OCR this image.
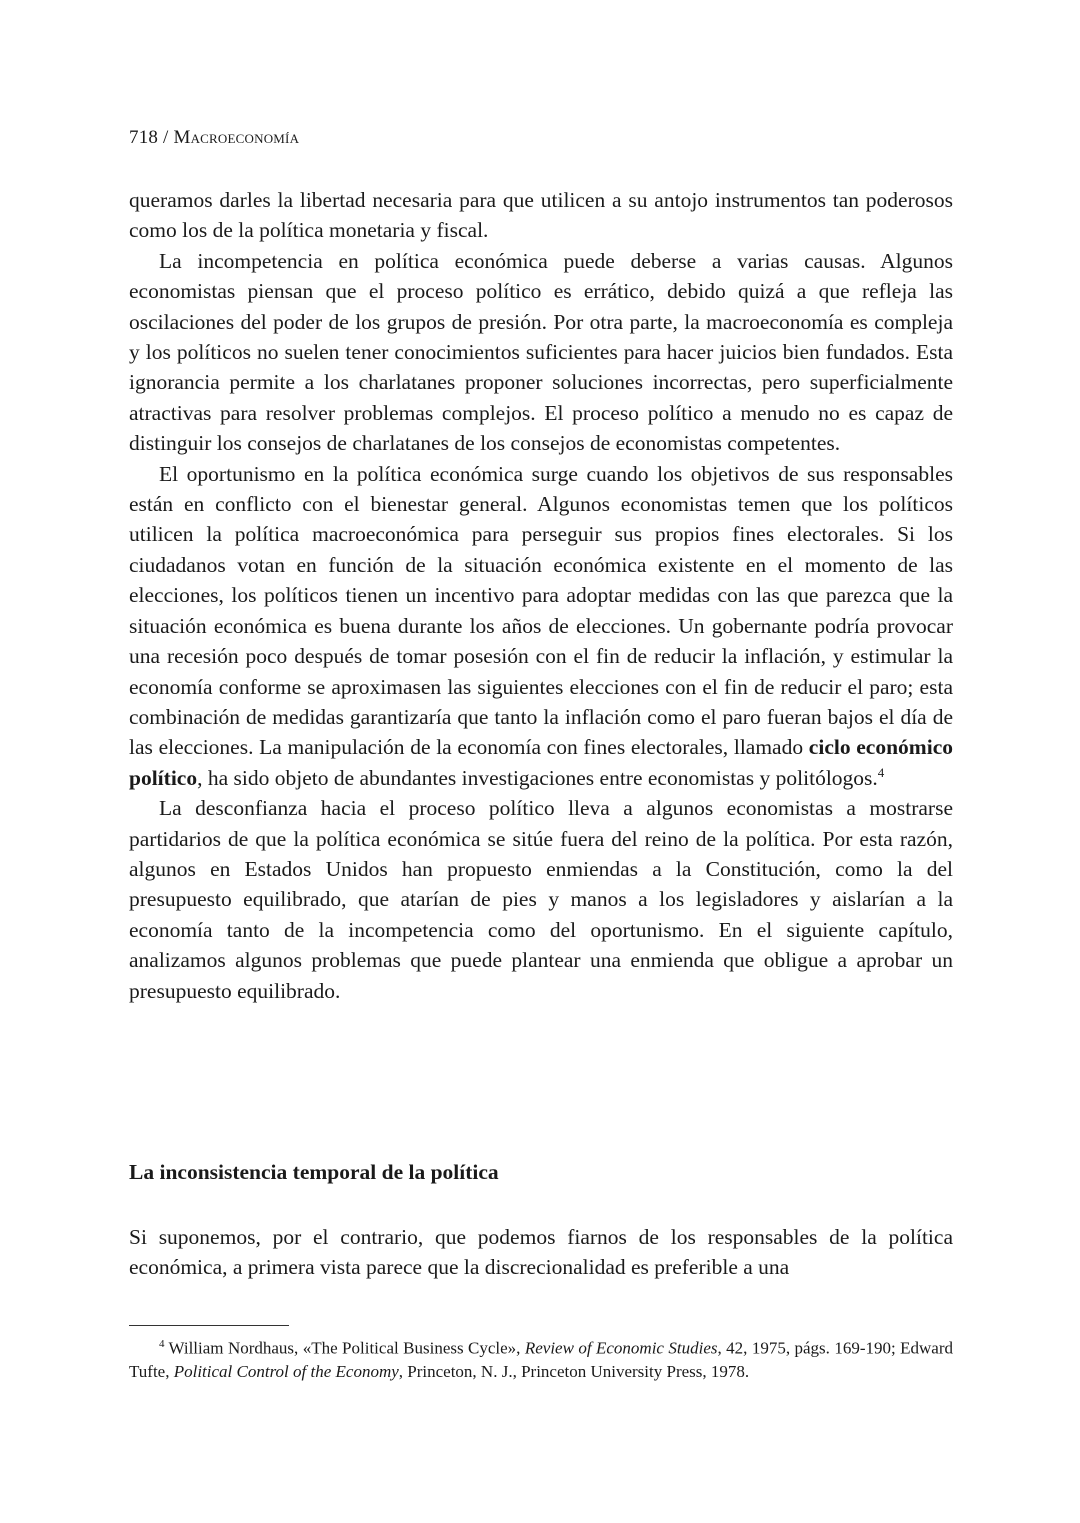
718 / Macroeconomía

queramos darles la libertad necesaria para que utilicen a su antojo instrumentos tan poderosos como los de la política monetaria y fiscal.

La incompetencia en política económica puede deberse a varias causas. Algunos economistas piensan que el proceso político es errático, debido quizá a que refleja las oscilaciones del poder de los grupos de presión. Por otra parte, la macroeconomía es compleja y los políticos no suelen tener conocimientos suficientes para hacer juicios bien fundados. Esta ignorancia permite a los charlatanes proponer soluciones incorrectas, pero superficialmente atractivas para resolver problemas complejos. El proceso político a menudo no es capaz de distinguir los consejos de charlatanes de los consejos de economistas competentes.

El oportunismo en la política económica surge cuando los objetivos de sus responsables están en conflicto con el bienestar general. Algunos economistas temen que los políticos utilicen la política macroeconómica para perseguir sus propios fines electorales. Si los ciudadanos votan en función de la situación económica existente en el momento de las elecciones, los políticos tienen un incentivo para adoptar medidas con las que parezca que la situación económica es buena durante los años de elecciones. Un gobernante podría provocar una recesión poco después de tomar posesión con el fin de reducir la inflación, y estimular la economía conforme se aproximasen las siguientes elecciones con el fin de reducir el paro; esta combinación de medidas garantizaría que tanto la inflación como el paro fueran bajos el día de las elecciones. La manipulación de la economía con fines electorales, llamado ciclo económico político, ha sido objeto de abundantes investigaciones entre economistas y politólogos.$^4$

La desconfianza hacia el proceso político lleva a algunos economistas a mostrarse partidarios de que la política económica se sitúe fuera del reino de la política. Por esta razón, algunos en Estados Unidos han propuesto enmiendas a la Constitución, como la del presupuesto equilibrado, que atarían de pies y manos a los legisladores y aislarían a la economía tanto de la incompetencia como del oportunismo. En el siguiente capítulo, analizamos algunos problemas que puede plantear una enmienda que obligue a aprobar un presupuesto equilibrado.

La inconsistencia temporal de la política
Si suponemos, por el contrario, que podemos fiarnos de los responsables de la política económica, a primera vista parece que la discrecionalidad es preferible a una
$^4$ William Nordhaus, «The Political Business Cycle», Review of Economic Studies, 42, 1975, págs. 169-190; Edward Tufte, Political Control of the Economy, Princeton, N. J., Princeton University Press, 1978.
